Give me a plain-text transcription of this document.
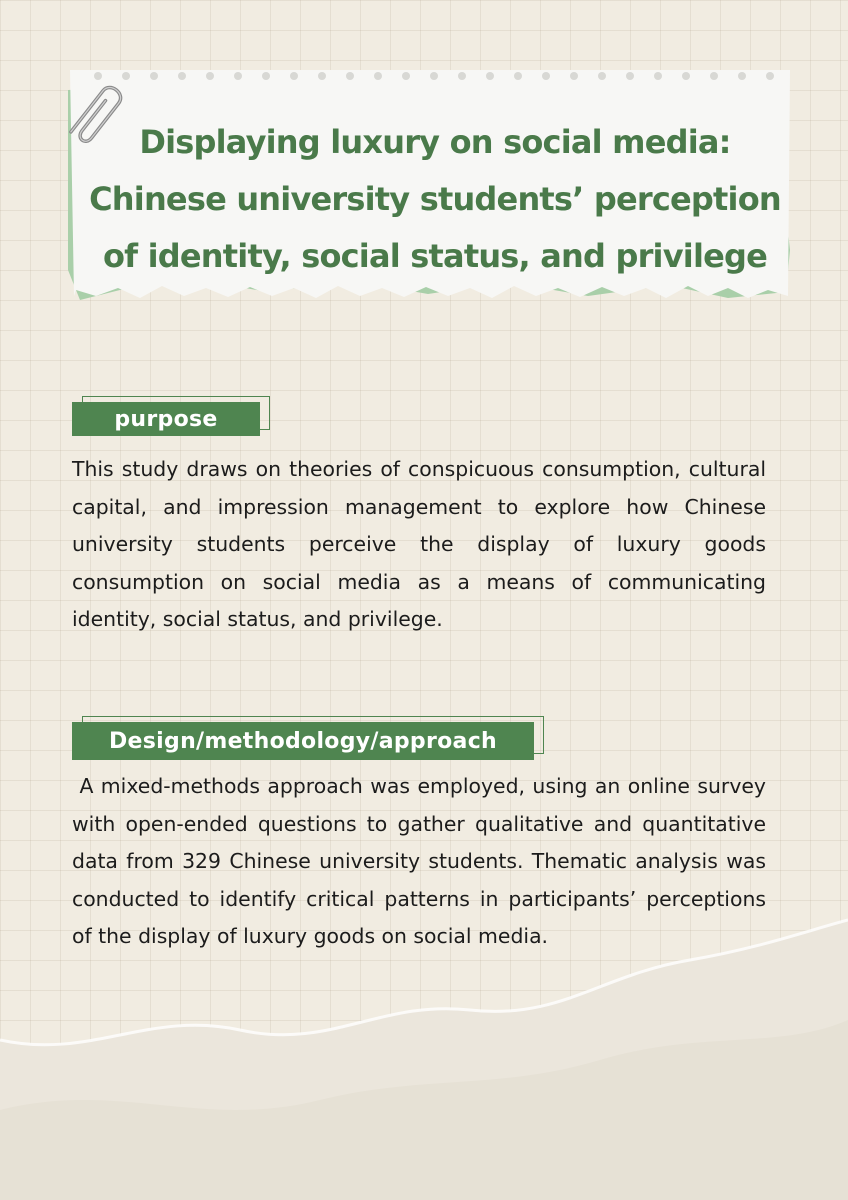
Displaying luxury on social media: Chinese university students’ perception of identity, social status, and privilege
purpose

This study draws on theories of conspicuous consumption, cultural capital, and impression management to explore how Chinese university students perceive the display of luxury goods consumption on social media as a means of communicating identity, social status, and privilege.

Design/methodology/approach

A mixed-methods approach was employed, using an online survey with open-ended questions to gather qualitative and quantitative data from 329 Chinese university students. Thematic analysis was conducted to identify critical patterns in participants’ perceptions of the display of luxury goods on social media.
